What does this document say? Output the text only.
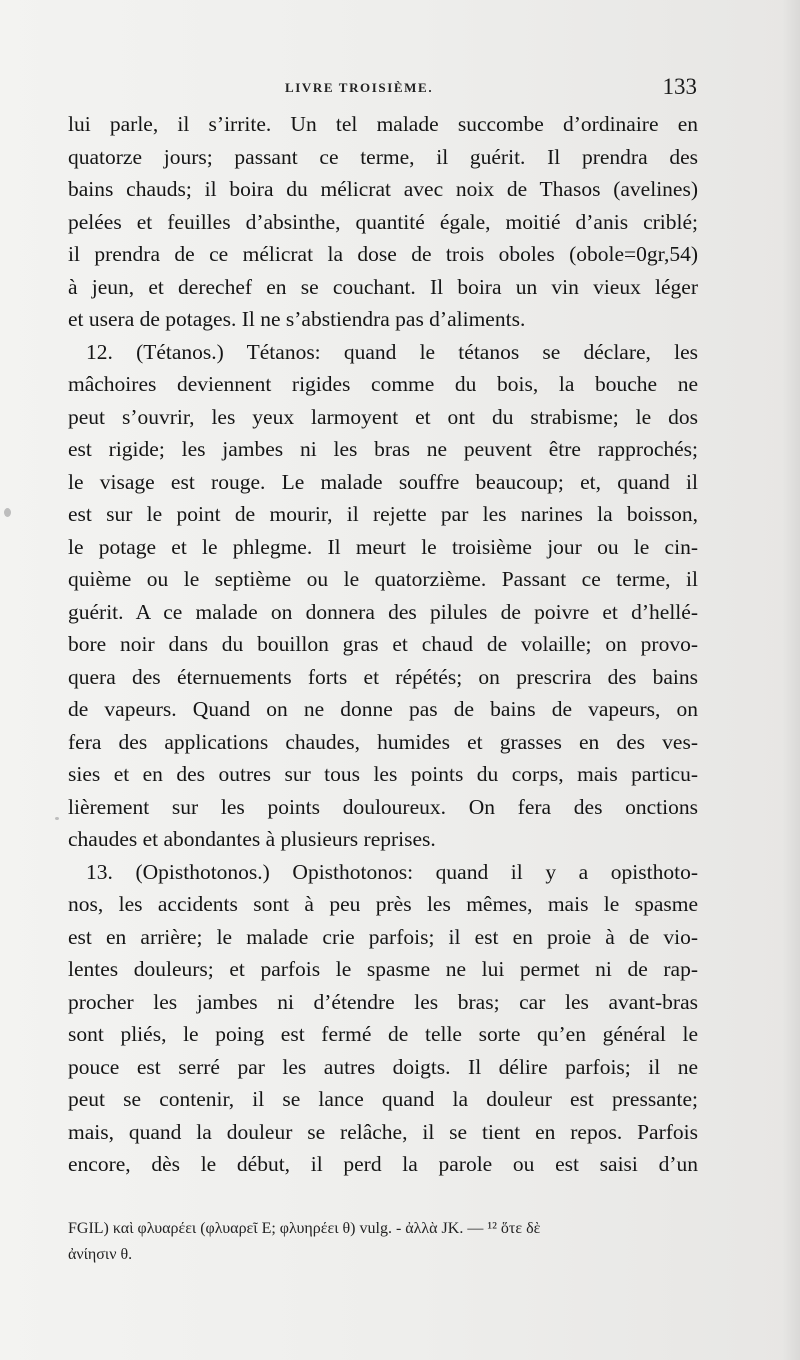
LIVRE TROISIÈME.	133
lui parle, il s’irrite. Un tel malade succombe d’ordinaire en
quatorze jours; passant ce terme, il guérit. Il prendra des
bains chauds; il boira du mélicrat avec noix de Thasos (avelines)
pelées et feuilles d’absinthe, quantité égale, moitié d’anis criblé;
il prendra de ce mélicrat la dose de trois oboles (obole=0gr,54)
à jeun, et derechef en se couchant. Il boira un vin vieux léger
et usera de potages. Il ne s’abstiendra pas d’aliments.
12. (Tétanos.) Tétanos: quand le tétanos se déclare, les
mâchoires deviennent rigides comme du bois, la bouche ne
peut s’ouvrir, les yeux larmoyent et ont du strabisme; le dos
est rigide; les jambes ni les bras ne peuvent être rapprochés;
le visage est rouge. Le malade souffre beaucoup; et, quand il
est sur le point de mourir, il rejette par les narines la boisson,
le potage et le phlegme. Il meurt le troisième jour ou le cin-
quième ou le septième ou le quatorzième. Passant ce terme, il
guérit. A ce malade on donnera des pilules de poivre et d’hellé-
bore noir dans du bouillon gras et chaud de volaille; on provo-
quera des éternuements forts et répétés; on prescrira des bains
de vapeurs. Quand on ne donne pas de bains de vapeurs, on
fera des applications chaudes, humides et grasses en des ves-
sies et en des outres sur tous les points du corps, mais particu-
lièrement sur les points douloureux. On fera des onctions
chaudes et abondantes à plusieurs reprises.
13. (Opisthotonos.) Opisthotonos: quand il y a opisthoto-
nos, les accidents sont à peu près les mêmes, mais le spasme
est en arrière; le malade crie parfois; il est en proie à de vio-
lentes douleurs; et parfois le spasme ne lui permet ni de rap-
procher les jambes ni d’étendre les bras; car les avant-bras
sont pliés, le poing est fermé de telle sorte qu’en général le
pouce est serré par les autres doigts. Il délire parfois; il ne
peut se contenir, il se lance quand la douleur est pressante;
mais, quand la douleur se relâche, il se tient en repos. Parfois
encore, dès le début, il perd la parole ou est saisi d’un
FGIL) καὶ φλυαρέει (φλυαρεῖ E; φλυηρέει θ) vulg. - ἀλλὰ JK. — ¹² ὅτε δὲ
ἀνίησιν θ.
